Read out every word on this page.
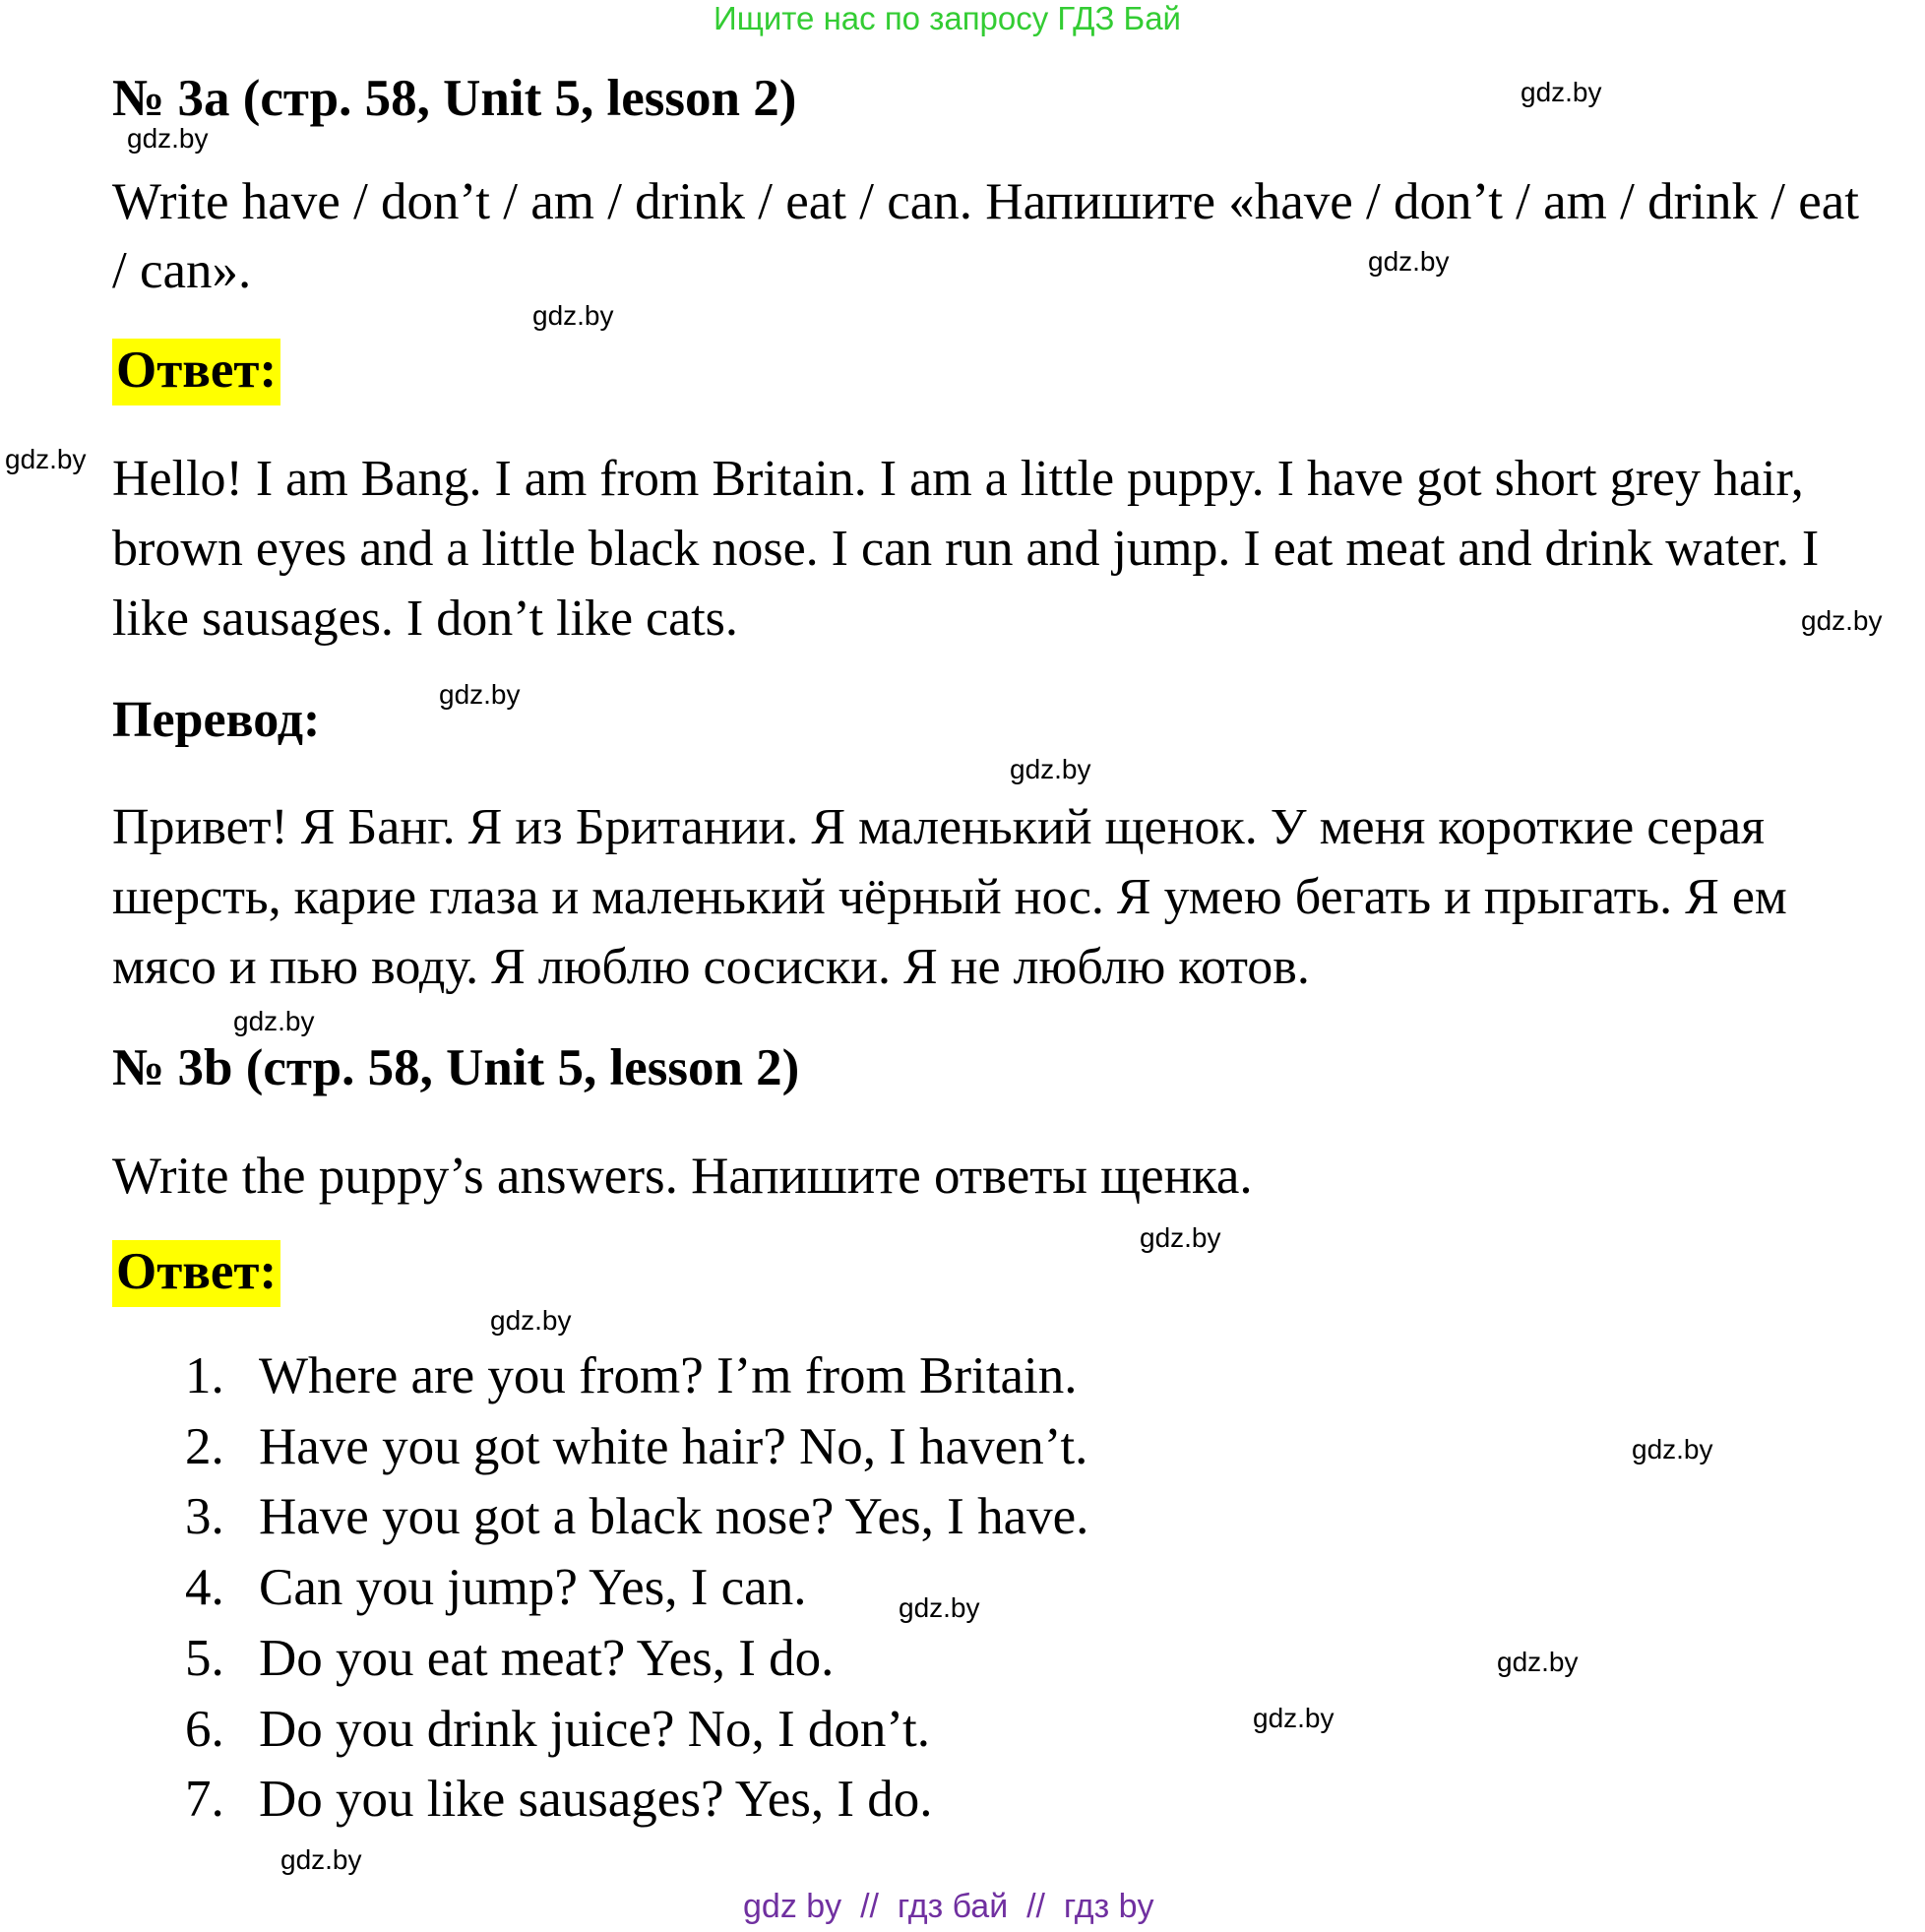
Ищите нас по запросу ГДЗ Бай
№ 3a (стр. 58, Unit 5, lesson 2)
Write have / don’t / am / drink / eat / can. Напишите «have / don’t / am / drink / eat / can».
Ответ:
Hello! I am Bang. I am from Britain. I am a little puppy. I have got short grey hair, brown eyes and a little black nose. I can run and jump. I eat meat and drink water. I like sausages. I don’t like cats.
Перевод:
Привет! Я Банг. Я из Британии. Я маленький щенок. У меня короткие серая шерсть, карие глаза и маленький чёрный нос. Я умею бегать и прыгать. Я ем мясо и пью воду. Я люблю сосиски. Я не люблю котов.
№ 3b (стр. 58, Unit 5, lesson 2)
Write the puppy’s answers. Напишите ответы щенка.
Ответ:
1. Where are you from? I’m from Britain.
2. Have you got white hair? No, I haven’t.
3. Have you got a black nose? Yes, I have.
4. Can you jump? Yes, I can.
5. Do you eat meat? Yes, I do.
6. Do you drink juice? No, I don’t.
7. Do you like sausages? Yes, I do.
gdz.by
gdz.by
gdz.by
gdz.by
gdz.by
gdz.by
gdz.by
gdz.by
gdz.by
gdz.by
gdz.by
gdz.by
gdz.by
gdz.by
gdz.by
gdz.by
gdz by  //  гдз бай  //  гдз by
